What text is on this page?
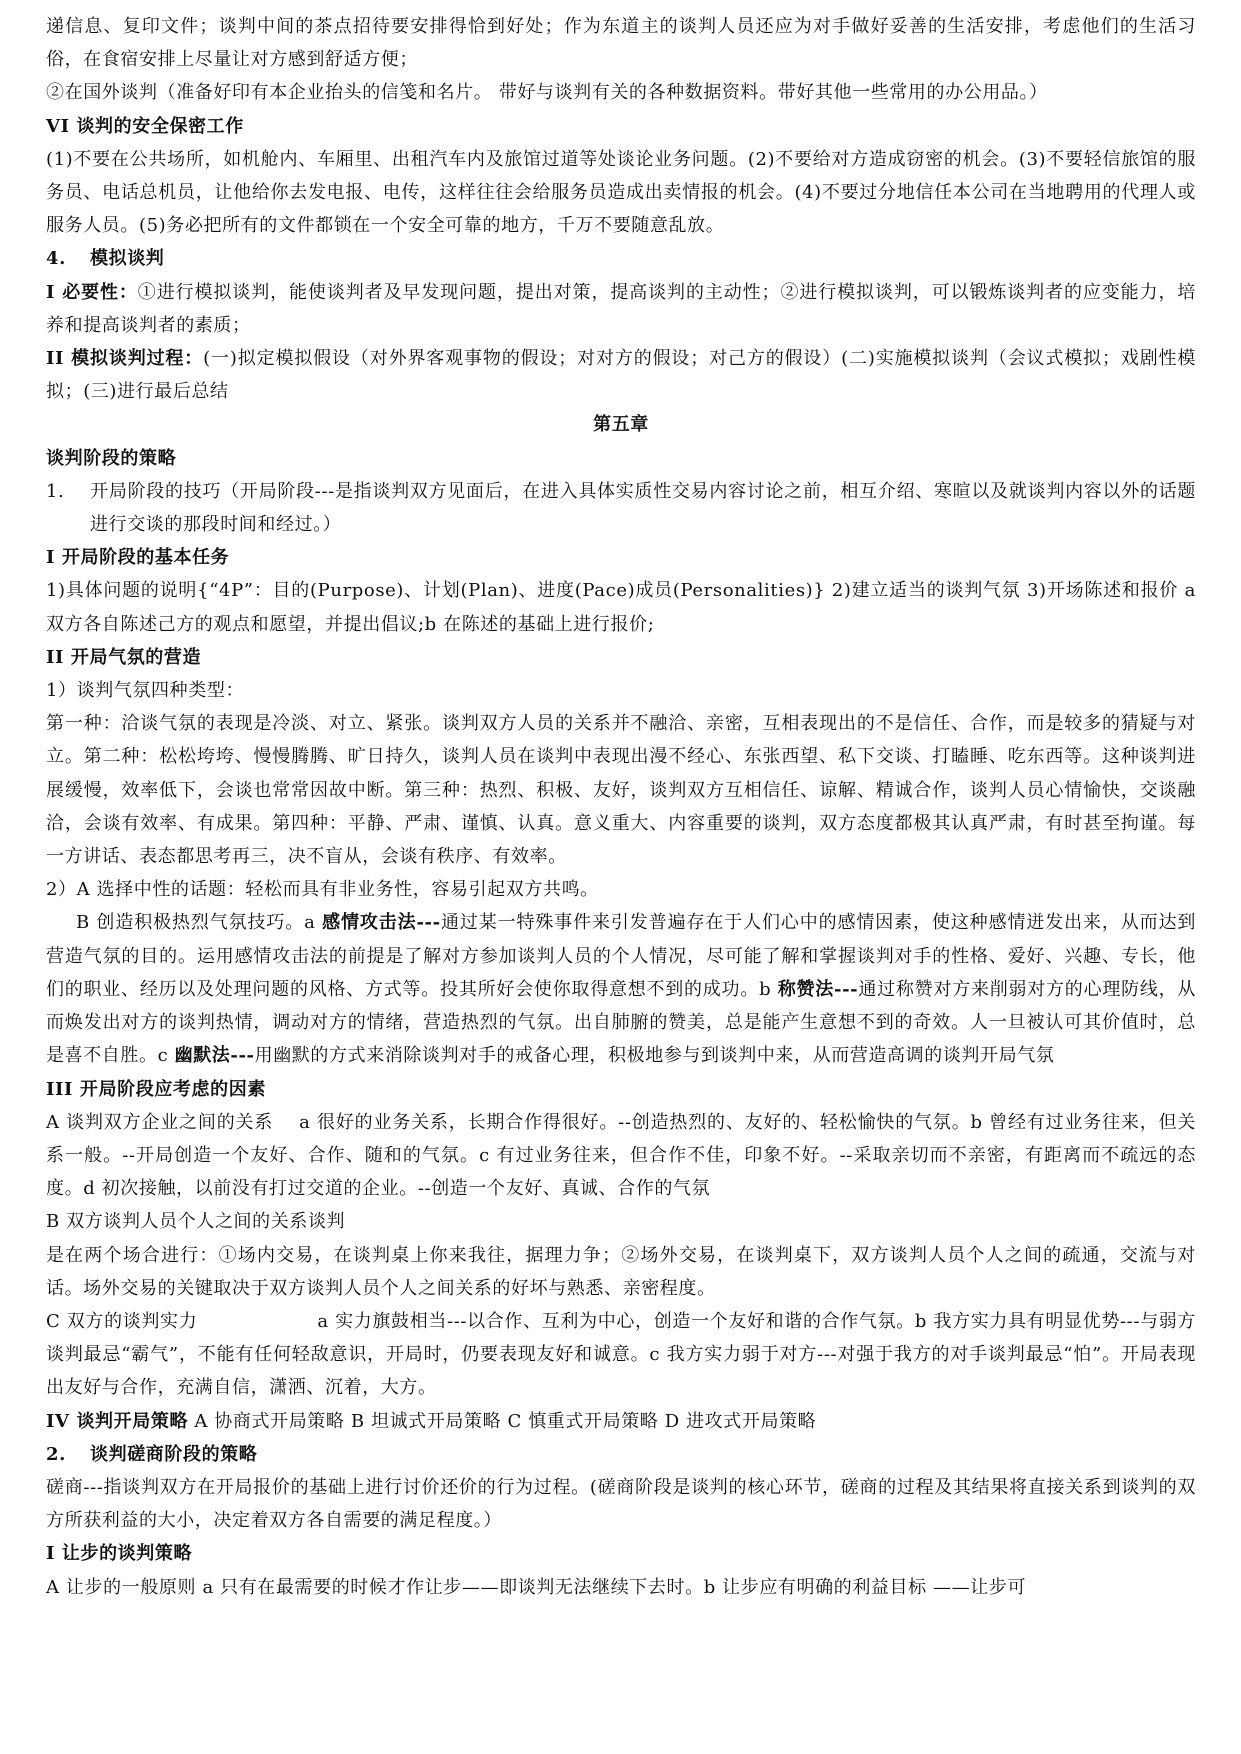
递信息、复印文件；谈判中间的茶点招待要安排得恰到好处；作为东道主的谈判人员还应为对手做好妥善的生活安排，考虑他们的生活习俗，在食宿安排上尽量让对方感到舒适方便；

②在国外谈判（准备好印有本企业抬头的信笺和名片。 带好与谈判有关的各种数据资料。带好其他一些常用的办公用品。）

VI 谈判的安全保密工作

(1)不要在公共场所，如机舱内、车厢里、出租汽车内及旅馆过道等处谈论业务问题。(2)不要给对方造成窃密的机会。(3)不要轻信旅馆的服务员、电话总机员，让他给你去发电报、电传，这样往往会给服务员造成出卖情报的机会。(4)不要过分地信任本公司在当地聘用的代理人或服务人员。(5)务必把所有的文件都锁在一个安全可靠的地方，千万不要随意乱放。

4. 模拟谈判

I 必要性：①进行模拟谈判，能使谈判者及早发现问题，提出对策，提高谈判的主动性；②进行模拟谈判，可以锻炼谈判者的应变能力，培养和提高谈判者的素质；

II 模拟谈判过程：(一)拟定模拟假设（对外界客观事物的假设；对对方的假设；对己方的假设）(二)实施模拟谈判（会议式模拟；戏剧性模拟；(三)进行最后总结

第五章

谈判阶段的策略

1. 开局阶段的技巧（开局阶段---是指谈判双方见面后，在进入具体实质性交易内容讨论之前，相互介绍、寒暄以及就谈判内容以外的话题进行交谈的那段时间和经过。）

I 开局阶段的基本任务

1)具体问题的说明{“4P”：目的(Purpose)、计划(Plan)、进度(Pace)成员(Personalities)} 2)建立适当的谈判气氛 3)开场陈述和报价 a 双方各自陈述己方的观点和愿望，并提出倡议;b 在陈述的基础上进行报价;

II 开局气氛的营造

1）谈判气氛四种类型：

第一种：洽谈气氛的表现是冷淡、对立、紧张。谈判双方人员的关系并不融洽、亲密，互相表现出的不是信任、合作，而是较多的猜疑与对立。第二种：松松垮垮、慢慢腾腾、旷日持久，谈判人员在谈判中表现出漫不经心、东张西望、私下交谈、打瞌睡、吃东西等。这种谈判进展缓慢，效率低下，会谈也常常因故中断。第三种：热烈、积极、友好，谈判双方互相信任、谅解、精诚合作，谈判人员心情愉快，交谈融洽，会谈有效率、有成果。第四种：平静、严肃、谨慎、认真。意义重大、内容重要的谈判，双方态度都极其认真严肃，有时甚至拘谨。每一方讲话、表态都思考再三，决不盲从，会谈有秩序、有效率。

2）A 选择中性的话题：轻松而具有非业务性，容易引起双方共鸣。

B 创造积极热烈气氛技巧。a 感情攻击法---通过某一特殊事件来引发普遍存在于人们心中的感情因素，使这种感情迸发出来，从而达到营造气氛的目的。运用感情攻击法的前提是了解对方参加谈判人员的个人情况，尽可能了解和掌握谈判对手的性格、爱好、兴趣、专长，他们的职业、经历以及处理问题的风格、方式等。投其所好会使你取得意想不到的成功。b 称赞法---通过称赞对方来削弱对方的心理防线，从而焕发出对方的谈判热情，调动对方的情绪，营造热烈的气氛。出自肺腑的赞美，总是能产生意想不到的奇效。人一旦被认可其价值时，总是喜不自胜。c 幽默法---用幽默的方式来消除谈判对手的戒备心理，积极地参与到谈判中来，从而营造高调的谈判开局气氛

III 开局阶段应考虑的因素

A 谈判双方企业之间的关系 a 很好的业务关系，长期合作得很好。--创造热烈的、友好的、轻松愉快的气氛。b 曾经有过业务往来，但关系一般。--开局创造一个友好、合作、随和的气氛。c 有过业务往来，但合作不佳，印象不好。--采取亲切而不亲密，有距离而不疏远的态度。d 初次接触，以前没有打过交道的企业。--创造一个友好、真诚、合作的气氛

B 双方谈判人员个人之间的关系谈判

是在两个场合进行：①场内交易，在谈判桌上你来我往，据理力争；②场外交易，在谈判桌下，双方谈判人员个人之间的疏通，交流与对话。场外交易的关键取决于双方谈判人员个人之间关系的好坏与熟悉、亲密程度。

C 双方的谈判实力	a 实力旗鼓相当---以合作、互利为中心，创造一个友好和谐的合作气氛。b 我方实力具有明显优势---与弱方谈判最忌“霸气”，不能有任何轻敌意识，开局时，仍要表现友好和诚意。c 我方实力弱于对方---对强于我方的对手谈判最忌“怕”。开局表现出友好与合作，充满自信，潇洒、沉着，大方。

IV 谈判开局策略 A 协商式开局策略 B 坦诚式开局策略 C 慎重式开局策略 D 进攻式开局策略

2. 谈判磋商阶段的策略

磋商---指谈判双方在开局报价的基础上进行讨价还价的行为过程。(磋商阶段是谈判的核心环节，磋商的过程及其结果将直接关系到谈判的双方所获利益的大小，决定着双方各自需要的满足程度。）

I 让步的谈判策略

A 让步的一般原则 a 只有在最需要的时候才作让步——即谈判无法继续下去时。b 让步应有明确的利益目标 ——让步可
